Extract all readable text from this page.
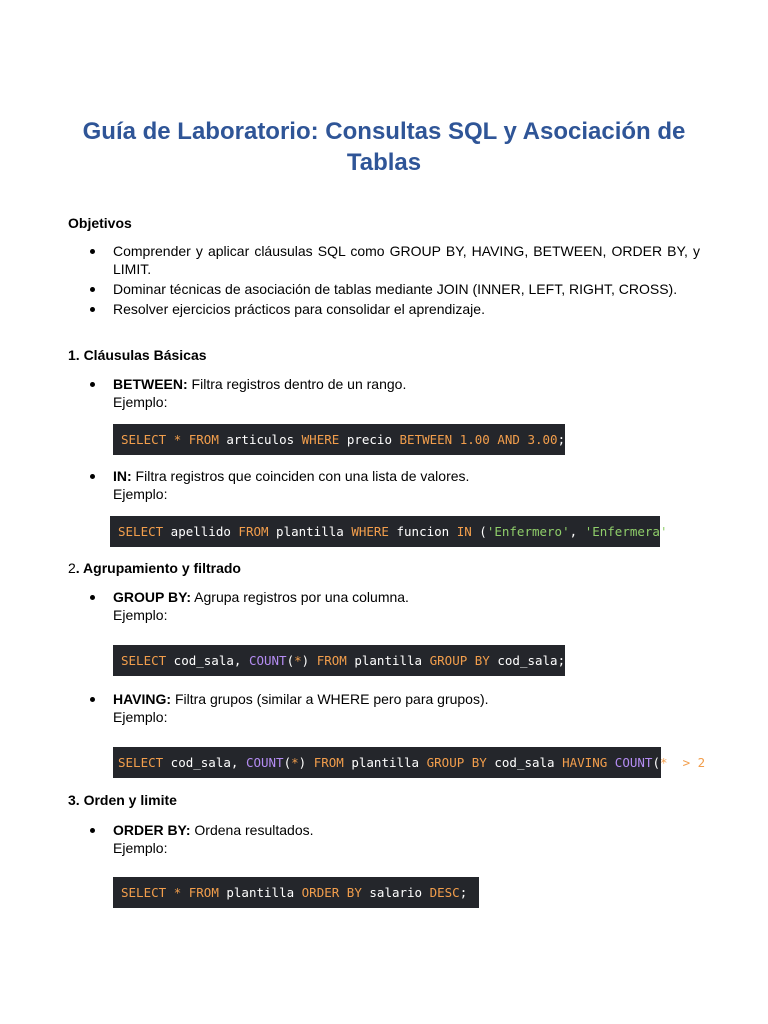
Guía de Laboratorio: Consultas SQL y Asociación de Tablas
Objetivos
Comprender y aplicar cláusulas SQL como GROUP BY, HAVING, BETWEEN, ORDER BY, y LIMIT.
Dominar técnicas de asociación de tablas mediante JOIN (INNER, LEFT, RIGHT, CROSS).
Resolver ejercicios prácticos para consolidar el aprendizaje.
1. Cláusulas Básicas
BETWEEN: Filtra registros dentro de un rango.
Ejemplo:
SELECT * FROM articulos WHERE precio BETWEEN 1.00 AND 3.00;
IN: Filtra registros que coinciden con una lista de valores.
Ejemplo:
SELECT apellido FROM plantilla WHERE funcion IN ('Enfermero', 'Enfermera');
2. Agrupamiento y filtrado
GROUP BY: Agrupa registros por una columna.
Ejemplo:
SELECT cod_sala, COUNT(*) FROM plantilla GROUP BY cod_sala;
HAVING: Filtra grupos (similar a WHERE pero para grupos).
Ejemplo:
SELECT cod_sala, COUNT(*) FROM plantilla GROUP BY cod_sala HAVING COUNT(*) > 2;
3. Orden y limite
ORDER BY: Ordena resultados.
Ejemplo:
SELECT * FROM plantilla ORDER BY salario DESC;
